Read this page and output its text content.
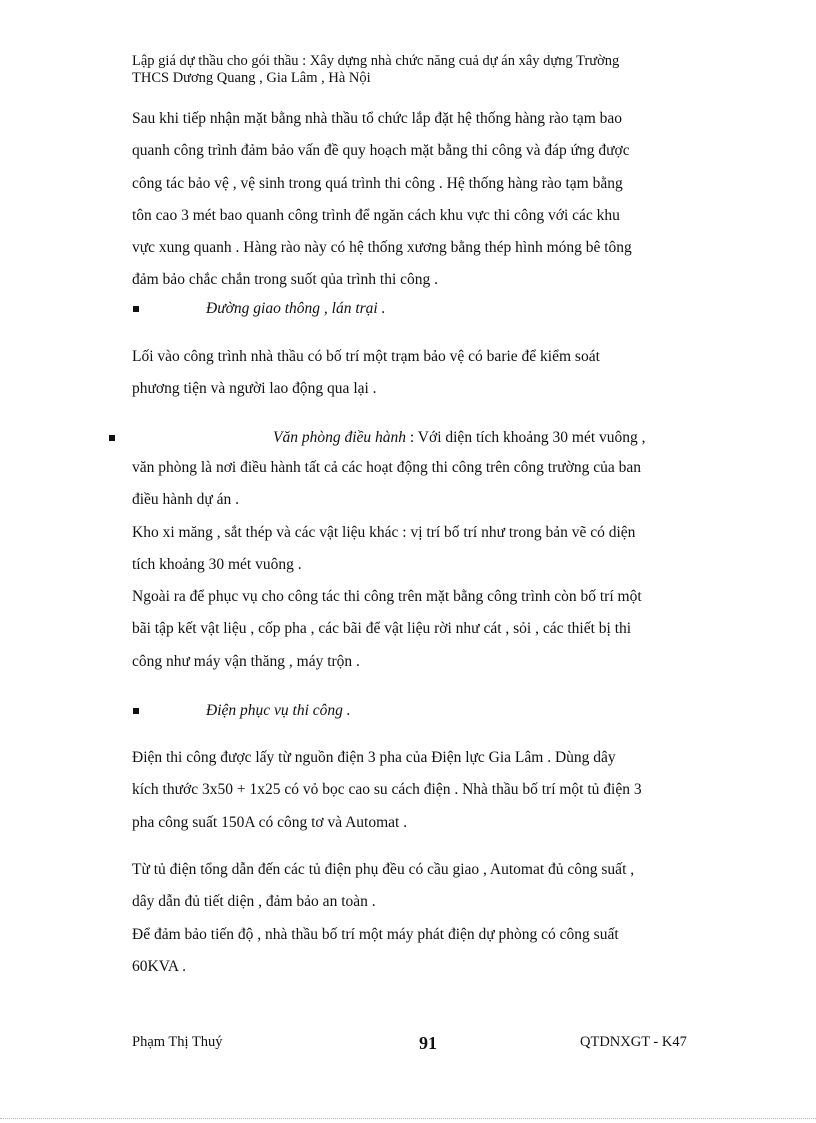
Lập giá dự thầu cho gói thầu : Xây dựng nhà chức năng cuả dự án xây dựng Trường
THCS Dương Quang , Gia Lâm , Hà Nội
Sau khi tiếp nhận mặt bằng nhà thầu tổ chức lắp đặt hệ thống hàng rào tạm bao
quanh công trình đảm bảo vấn đề quy hoạch mặt bằng thi công và đáp ứng được
công tác bảo vệ , vệ sinh trong quá trình thi công . Hệ thống hàng rào tạm bằng
tôn cao 3 mét bao quanh công trình để ngăn cách khu vực thi công với các khu
vực xung quanh . Hàng rào này có hệ thống xương bằng thép hình móng bê tông
đảm bảo chắc chắn trong suốt qủa trình thi công .
Đường giao thông , lán trại .
Lối vào công trình nhà thầu có bố trí một trạm bảo vệ có barie để kiểm soát
phương tiện và người lao động qua lại .
Văn phòng điều hành : Với diện tích khoảng 30 mét vuông ,
văn phòng là nơi điều hành tất cả các hoạt động thi công trên công trường của ban
điều hành dự án .
Kho xi măng , sắt thép và các vật liệu khác : vị trí bố trí như trong bản vẽ có diện
tích khoảng 30 mét vuông .
Ngoài ra để phục vụ cho công tác thi công trên mặt bằng công trình còn bố trí một
bãi tập kết vật liệu , cốp pha , các bãi để vật liệu rời như cát , sỏi , các thiết bị thi
công như máy vận thăng , máy trộn .
Điện phục vụ thi công .
Điện thi công được lấy từ nguồn điện 3 pha của Điện lực Gia Lâm . Dùng dây
kích thước 3x50 + 1x25 có vỏ bọc cao su cách điện . Nhà thầu bố trí một tủ điện 3
pha công suất 150A có công tơ và Automat .
Từ tủ điện tổng dẫn đến các tủ điện phụ đều có cầu giao , Automat đủ công suất ,
dây dẫn đủ tiết diện , đảm bảo an toàn .
Để đảm bảo tiến độ , nhà thầu bố trí một máy phát điện dự phòng có công suất
60KVA .
Phạm Thị Thuý	91	QTDNXGT - K47
